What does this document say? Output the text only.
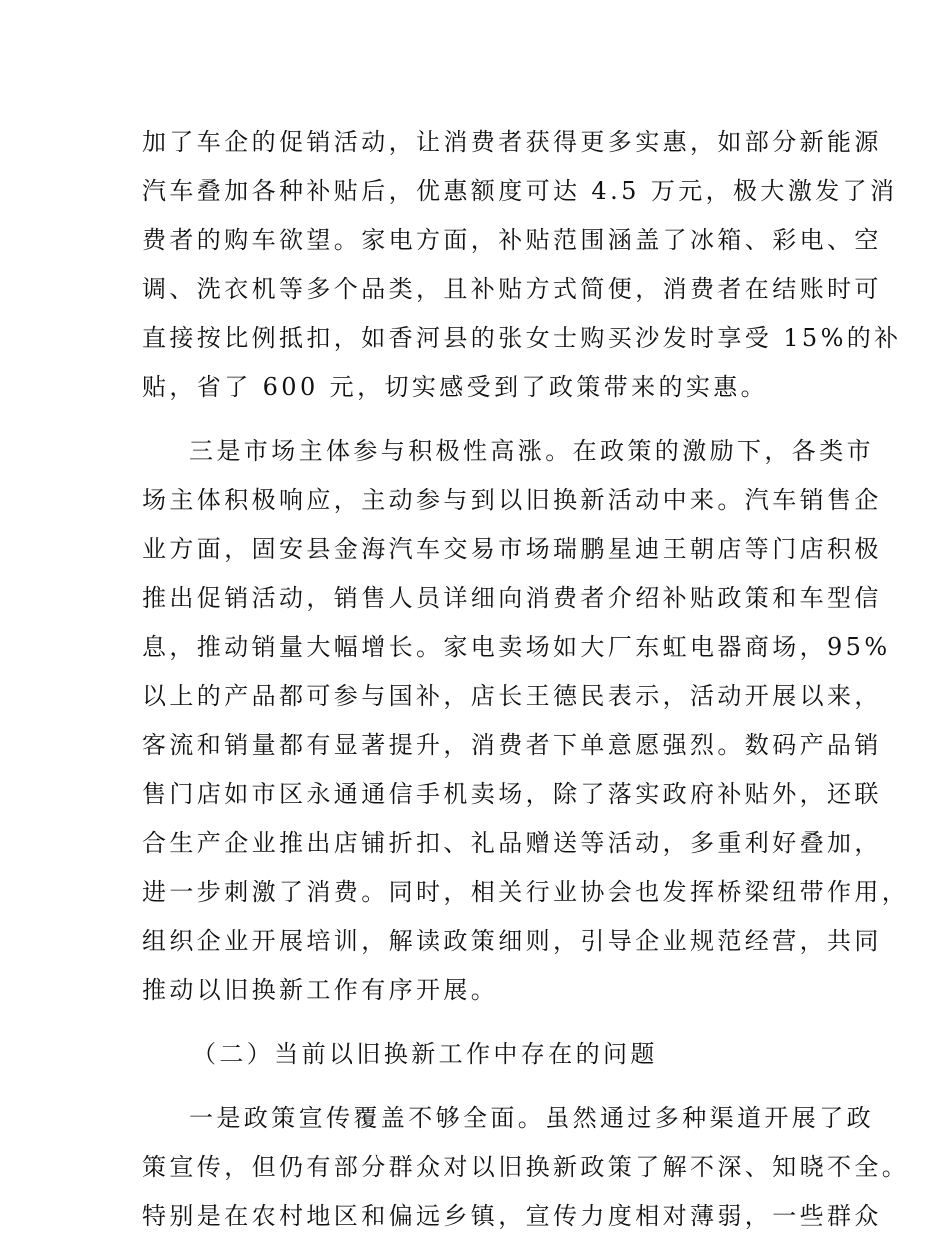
加了车企的促销活动，让消费者获得更多实惠，如部分新能源
汽车叠加各种补贴后，优惠额度可达 4.5 万元，极大激发了消
费者的购车欲望。家电方面，补贴范围涵盖了冰箱、彩电、空
调、洗衣机等多个品类，且补贴方式简便，消费者在结账时可
直接按比例抵扣，如香河县的张女士购买沙发时享受 15%的补
贴，省了 600 元，切实感受到了政策带来的实惠。
三是市场主体参与积极性高涨。在政策的激励下，各类市
场主体积极响应，主动参与到以旧换新活动中来。汽车销售企
业方面，固安县金海汽车交易市场瑞鹏星迪王朝店等门店积极
推出促销活动，销售人员详细向消费者介绍补贴政策和车型信
息，推动销量大幅增长。家电卖场如大厂东虹电器商场，95%
以上的产品都可参与国补，店长王德民表示，活动开展以来，
客流和销量都有显著提升，消费者下单意愿强烈。数码产品销
售门店如市区永通通信手机卖场，除了落实政府补贴外，还联
合生产企业推出店铺折扣、礼品赠送等活动，多重利好叠加，
进一步刺激了消费。同时，相关行业协会也发挥桥梁纽带作用，
组织企业开展培训，解读政策细则，引导企业规范经营，共同
推动以旧换新工作有序开展。
（二）当前以旧换新工作中存在的问题
一是政策宣传覆盖不够全面。虽然通过多种渠道开展了政
策宣传，但仍有部分群众对以旧换新政策了解不深、知晓不全。
特别是在农村地区和偏远乡镇，宣传力度相对薄弱，一些群众
